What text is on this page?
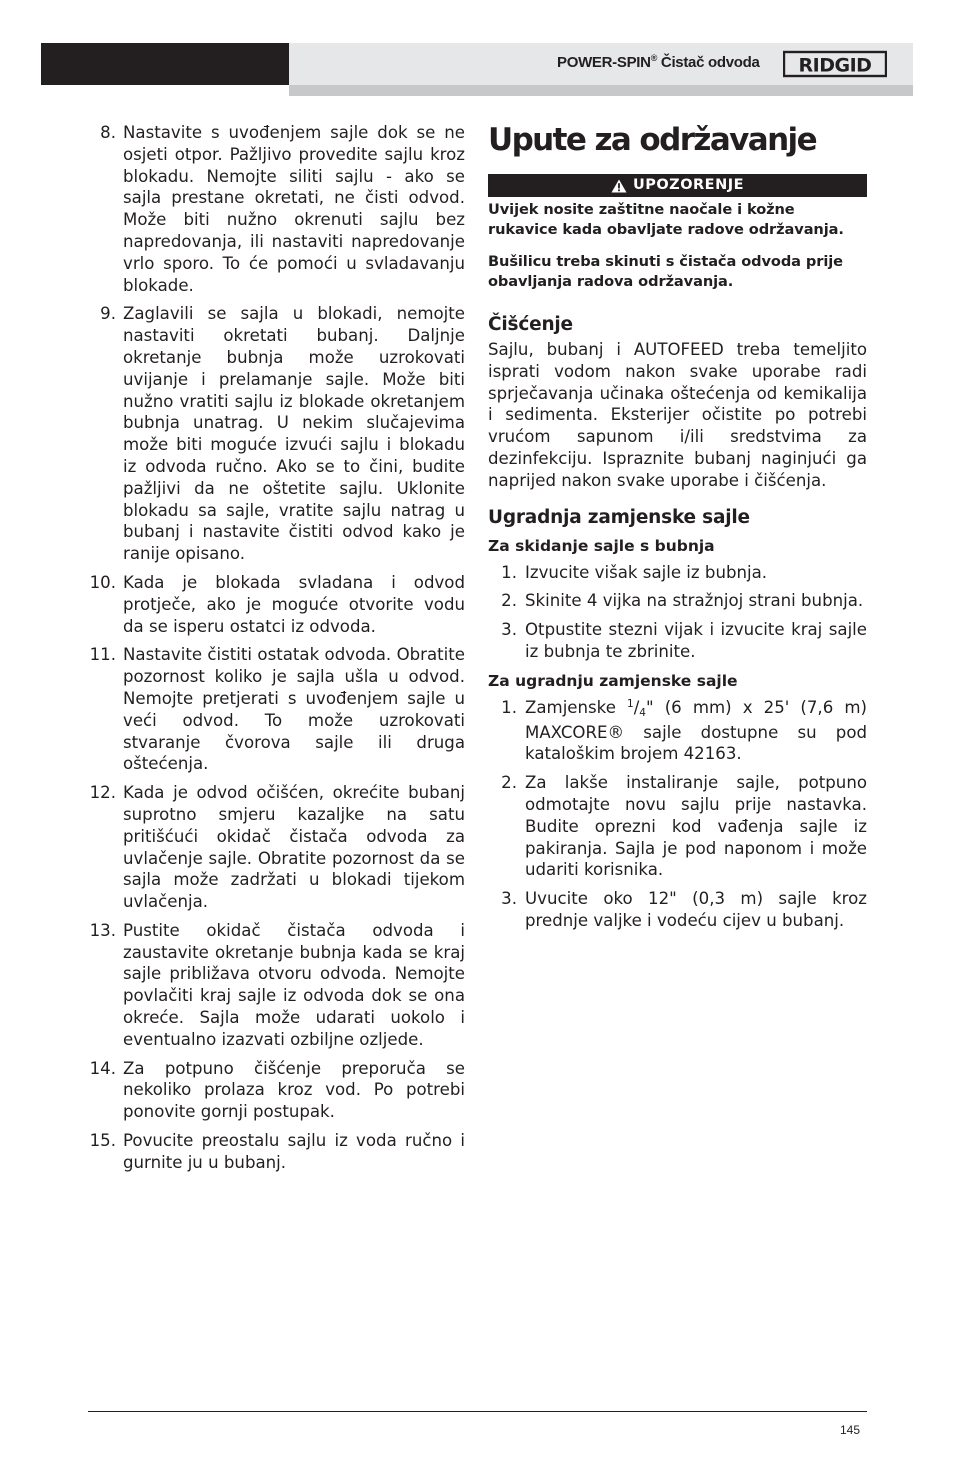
POWER-SPIN® Čistač odvoda RIDGID
8. Nastavite s uvođenjem sajle dok se ne osjeti otpor. Pažljivo provedite sajlu kroz blokadu. Nemojte siliti sajlu - ako se sajla prestane okretati, ne čisti odvod. Može biti nužno okrenuti sajlu bez napredovanja, ili nastaviti napredovanje vrlo sporo. To će pomoći u svladavanju blokade.
9. Zaglavili se sajla u blokadi, nemojte nastaviti okretati bubanj. Daljnje okretanje bubnja može uzrokovati uvijanje i prelamanje sajle. Može biti nužno vratiti sajlu iz blokade okretanjem bubnja unatrag. U nekim slučajevima može biti moguće izvući sajlu i blokadu iz odvoda ručno. Ako se to čini, budite pažljivi da ne oštetite sajlu. Uklonite blokadu sa sajle, vratite sajlu natrag u bubanj i nastavite čistiti odvod kako je ranije opisano.
10. Kada je blokada svladana i odvod protječe, ako je moguće otvorite vodu da se isperu ostatci iz odvoda.
11. Nastavite čistiti ostatak odvoda. Obratite pozornost koliko je sajla ušla u odvod. Nemojte pretjerati s uvođenjem sajle u veći odvod. To može uzrokovati stvaranje čvorova sajle ili druga oštećenja.
12. Kada je odvod očišćen, okrećite bubanj suprotno smjeru kazaljke na satu pritišćući okidač čistača odvoda za uvlačenje sajle. Obratite pozornost da se sajla može zadržati u blokadi tijekom uvlačenja.
13. Pustite okidač čistača odvoda i zaustavite okretanje bubnja kada se kraj sajle približava otvoru odvoda. Nemojte povlačiti kraj sajle iz odvoda dok se ona okreće. Sajla može udarati uokolo i eventualno izazvati ozbiljne ozljede.
14. Za potpuno čišćenje preporuča se nekoliko prolaza kroz vod. Po potrebi ponovite gornji postupak.
15. Povucite preostalu sajlu iz voda ručno i gurnite ju u bubanj.
Upute za održavanje
UPOZORENJE

Uvijek nosite zaštitne naočale i kožne rukavice kada obavljate radove održavanja.

Bušilicu treba skinuti s čistača odvoda prije obavljanja radova održavanja.

Čišćenje

Sajlu, bubanj i AUTOFEED treba temeljito isprati vodom nakon svake uporabe radi sprječavanja učinaka oštećenja od kemikalija i sedimenta. Eksterijer očistite po potrebi vrućom sapunom i/ili sredstvima za dezinfekciju. Ispraznite bubanj naginjući ga naprijed nakon svake uporabe i čišćenja.

Ugradnja zamjenske sajle
Za skidanje sajle s bubnja
1. Izvucite višak sajle iz bubnja.
2. Skinite 4 vijka na stražnjoj strani bubnja.
3. Otpustite stezni vijak i izvucite kraj sajle iz bubnja te zbrinite.
Za ugradnju zamjenske sajle
1. Zamjenske $^1$/4" (6 mm) x 25' (7,6 m) MAXCORE® sajle dostupne su pod kataloškim brojem 42163.
2. Za lakše instaliranje sajle, potpuno odmotajte novu sajlu prije nastavka. Budite oprezni kod vađenja sajle iz pakiranja. Sajla je pod naponom i može udariti korisnika.
3. Uvucite oko 12" (0,3 m) sajle kroz prednje valjke i vodeću cijev u bubanj.
145
